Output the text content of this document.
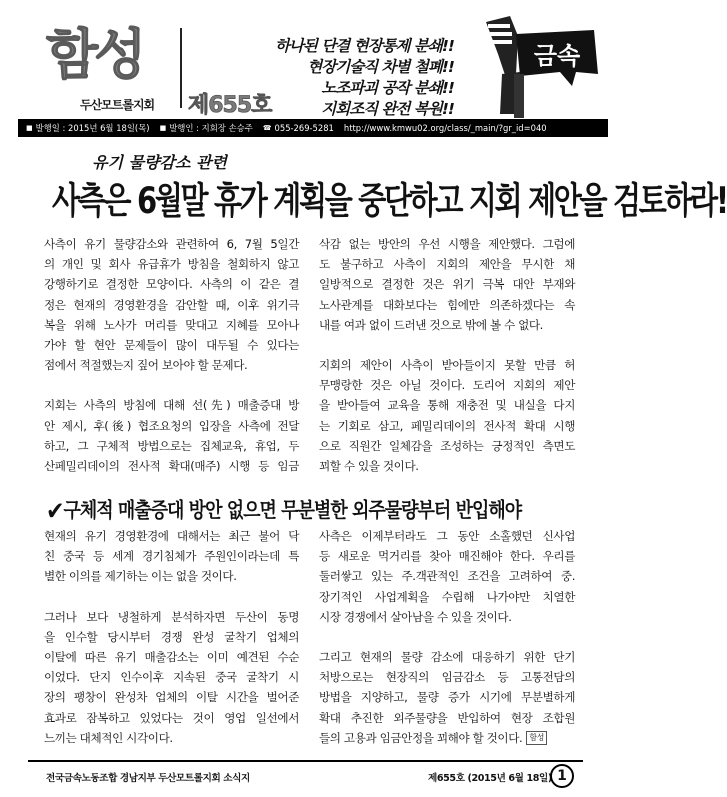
함성
두산모트롤지회 제655호
하나된 단결 현장통제 분쇄!!
현장기술직 차별 철폐!!
노조파괴 공작 분쇄!!
지회조직 완전 복원!!
금속
■ 발행일 : 2015년 6월 18일(목) ■ 발행인 : 지회장 손승주 ☎ 055-269-5281 http://www.kmwu02.org/class/_main/?gr_id=040
유기 물량감소 관련
사측은 6월말 휴가 계획을 중단하고 지회 제안을 검토하라!

사측이 유기 물량감소와 관련하여 6, 7월 5일간
의 개인 및 회사 유급휴가 방침을 철회하지 않고
강행하기로 결정한 모양이다. 사측의 이 같은 결
정은 현재의 경영환경을 감안할 때, 이후 위기극
복을 위해 노사가 머리를 맞대고 지혜를 모아나
가야 할 현안 문제들이 많이 대두될 수 있다는
점에서 적절했는지 짚어 보아야 할 문제다.

지회는 사측의 방침에 대해 선(先) 매출증대 방
안 제시, 후(後) 협조요청의 입장을 사측에 전달
하고, 그 구체적 방법으로는 집체교육, 휴업, 두
산페밀리데이의 전사적 확대(매주) 시행 등 임금

삭감 없는 방안의 우선 시행을 제안했다. 그럼에
도 불구하고 사측이 지회의 제안을 무시한 채
일방적으로 결정한 것은 위기 극복 대안 부재와
노사관계를 대화보다는 힘에만 의존하겠다는 속
내를 여과 없이 드러낸 것으로 밖에 볼 수 없다.

지회의 제안이 사측이 받아들이지 못할 만큼 허
무맹랑한 것은 아닐 것이다. 도리어 지회의 제안
을 받아들여 교육을 통해 재충전 및 내실을 다지
는 기회로 삼고, 페밀리데이의 전사적 확대 시행
으로 직원간 일체감을 조성하는 긍정적인 측면도
꾀할 수 있을 것이다.

✔구체적 매출증대 방안 없으면 무분별한 외주물량부터 반입해야

현재의 유기 경영환경에 대해서는 최근 불어 닥
친 중국 등 세계 경기침체가 주원인이라는데 특
별한 이의를 제기하는 이는 없을 것이다.

그러나 보다 냉철하게 분석하자면 두산이 동명
을 인수할 당시부터 경쟁 완성 굴착기 업체의
이탈에 따른 유기 매출감소는 이미 예견된 수순
이었다. 단지 인수이후 지속된 중국 굴착기 시
장의 팽창이 완성차 업체의 이탈 시간을 벌어준
효과로 잠복하고 있었다는 것이 영업 일선에서
느끼는 대체적인 시각이다.

사측은 이제부터라도 그 동안 소홀했던 신사업
등 새로운 먹거리를 찾아 매진해야 한다. 우리를
둘러쌓고 있는 주.객관적인 조건을 고려하여 중.
장기적인 사업계획을 수립해 나가야만 치열한
시장 경쟁에서 살아남을 수 있을 것이다.

그리고 현재의 물량 감소에 대응하기 위한 단기
처방으로는 현장직의 임금감소 등 고통전담의
방법을 지양하고, 물량 증가 시기에 무분별하게
확대 추진한 외주물량을 반입하여 현장 조합원
들의 고용과 임금안정을 꾀해야 할 것이다. 함성

전국금속노동조합 경남지부 두산모트롤지회 소식지	제655호 (2015년 6월 18일) 1
